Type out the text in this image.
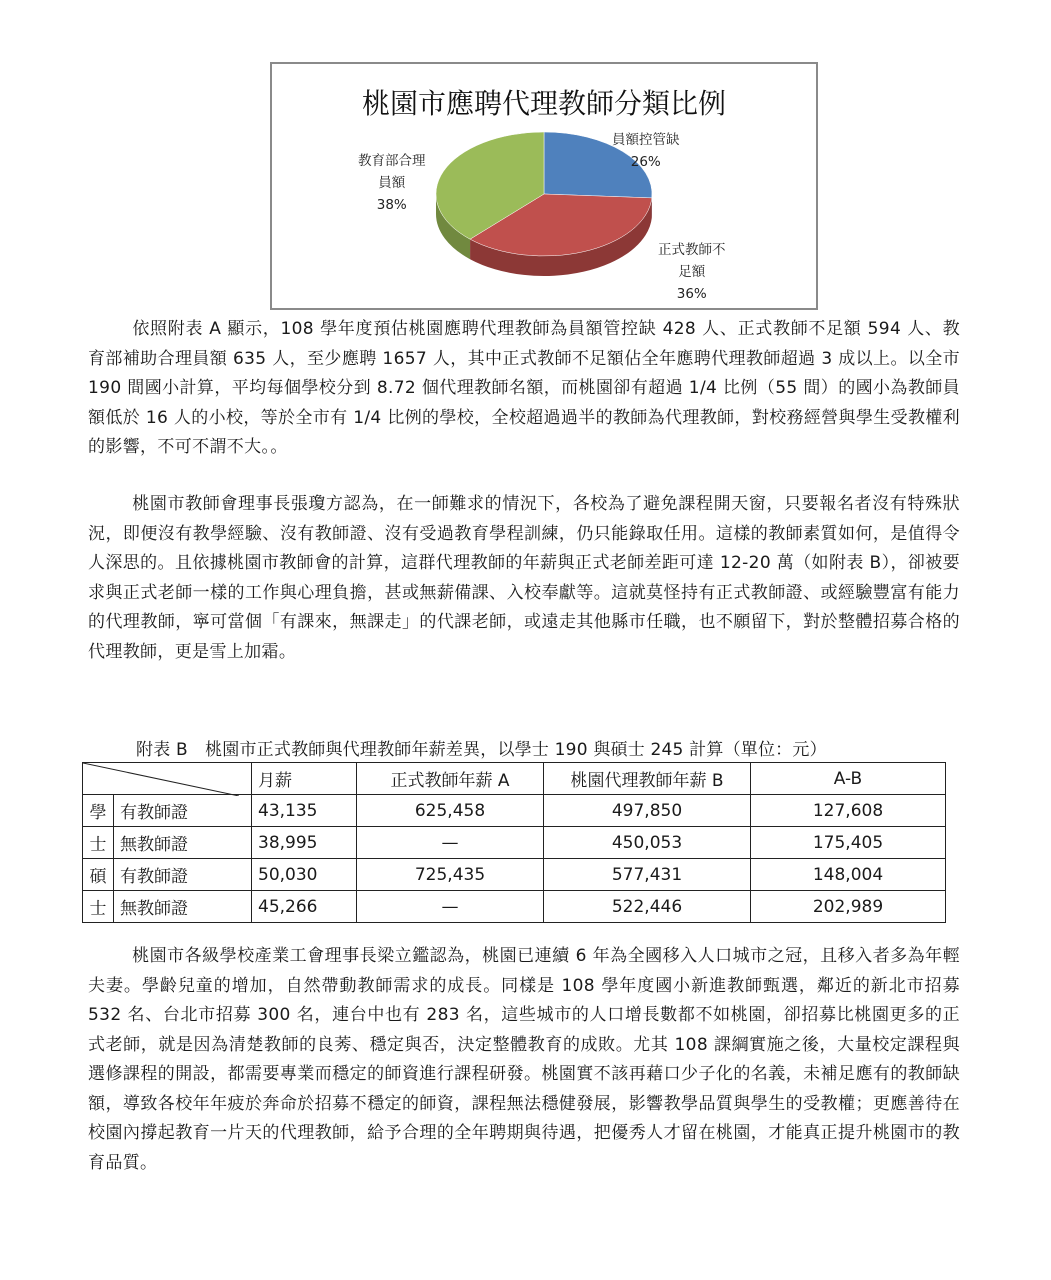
桃園市應聘代理教師分類比例
員額控管缺
26%
正式教師不
足額
36%
教育部合理
員額
38%

依照附表 A 顯示，108 學年度預估桃園應聘代理教師為員額管控缺 428 人、正式教師不足額 594 人、教育部補助合理員額 635 人，至少應聘 1657 人，其中正式教師不足額佔全年應聘代理教師超過 3 成以上。以全市 190 間國小計算，平均每個學校分到 8.72 個代理教師名額，而桃園卻有超過 1/4 比例（55 間）的國小為教師員額低於 16 人的小校，等於全市有 1/4 比例的學校，全校超過過半的教師為代理教師，對校務經營與學生受教權利的影響，不可不謂不大。。

桃園市教師會理事長張瓊方認為，在一師難求的情況下，各校為了避免課程開天窗，只要報名者沒有特殊狀況，即便沒有教學經驗、沒有教師證、沒有受過教育學程訓練，仍只能錄取任用。這樣的教師素質如何，是值得令人深思的。且依據桃園市教師會的計算，這群代理教師的年薪與正式老師差距可達 12-20 萬（如附表 B），卻被要求與正式老師一樣的工作與心理負擔，甚或無薪備課、入校奉獻等。這就莫怪持有正式教師證、或經驗豐富有能力的代理教師，寧可當個「有課來，無課走」的代課老師，或遠走其他縣市任職，也不願留下，對於整體招募合格的代理教師，更是雪上加霜。

附表 B　桃園市正式教師與代理教師年薪差異，以學士 190 與碩士 245 計算（單位：元）
	月薪	正式教師年薪 A	桃園代理教師年薪 B	A-B
學	有教師證	43,135	625,458	497,850	127,608
士	無教師證	38,995	—	450,053	175,405
碩	有教師證	50,030	725,435	577,431	148,004
士	無教師證	45,266	—	522,446	202,989

桃園市各級學校產業工會理事長梁立鑑認為，桃園已連續 6 年為全國移入人口城市之冠，且移入者多為年輕夫妻。學齡兒童的增加，自然帶動教師需求的成長。同樣是 108 學年度國小新進教師甄選，鄰近的新北市招募 532 名、台北市招募 300 名，連台中也有 283 名，這些城市的人口增長數都不如桃園，卻招募比桃園更多的正式老師，就是因為清楚教師的良莠、穩定與否，決定整體教育的成敗。尤其 108 課綱實施之後，大量校定課程與選修課程的開設，都需要專業而穩定的師資進行課程研發。桃園實不該再藉口少子化的名義，未補足應有的教師缺額，導致各校年年疲於奔命於招募不穩定的師資，課程無法穩健發展，影響教學品質與學生的受教權；更應善待在校園內撐起教育一片天的代理教師，給予合理的全年聘期與待遇，把優秀人才留在桃園，才能真正提升桃園市的教育品質。
